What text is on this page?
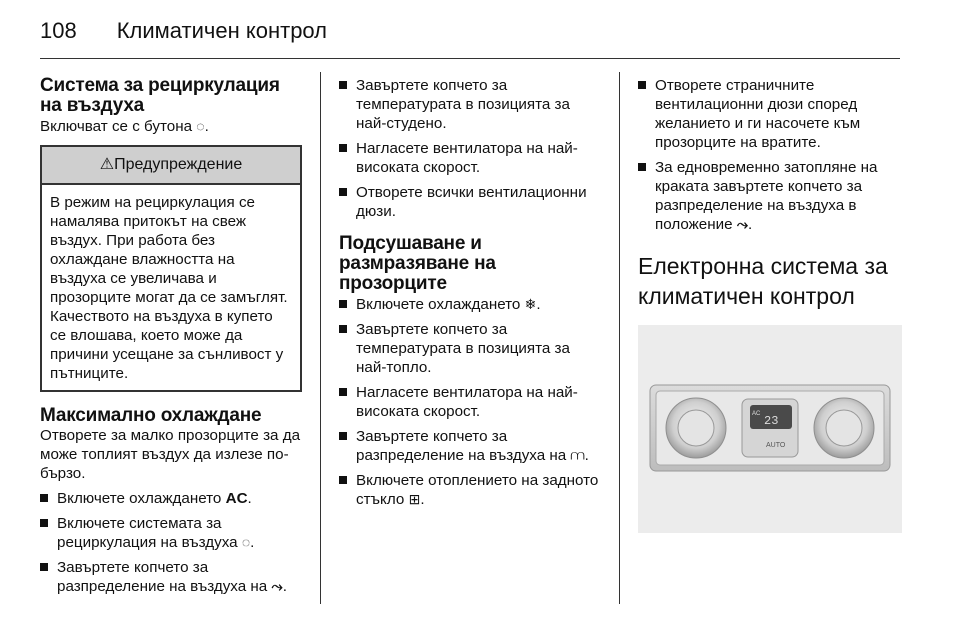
108 Климатичен контрол
Система за рециркулация на въздуха

Включват се с бутона ◌.

⚠Предупреждение
В режим на рециркулация се намалява притокът на свеж въздух. При работа без охлаждане влажността на въздуха се увеличава и прозорците могат да се замъглят. Качеството на въздуха в купето се влошава, което може да причини усещане за сънливост у пътниците.
Максимално охлаждане

Отворете за малко прозорците за да може топлият въздух да излезе по-бързо.

Включете охлаждането AC.
Включете системата за рециркулация на въздуха ◌.
Завъртете копчето за разпределение на въздуха на ⤳.
Завъртете копчето за температурата в позицията за най-студено.
Нагласете вентилатора на най-високата скорост.
Отворете всички вентилационни дюзи.
Подсушаване и размразяване на прозорците
Включете охлаждането ❄.
Завъртете копчето за температурата в позицията за най-топло.
Нагласете вентилатора на най-високата скорост.
Завъртете копчето за разпределение на въздуха на ⩋.
Включете отоплението на задното стъкло ⊞.
Отворете страничните вентилационни дюзи според желанието и ги насочете към прозорците на вратите.
За едновременно затопляне на краката завъртете копчето за разпределение на въздуха в положение ⤳.
Електронна система за климатичен контрол
AC 23
AUTO
